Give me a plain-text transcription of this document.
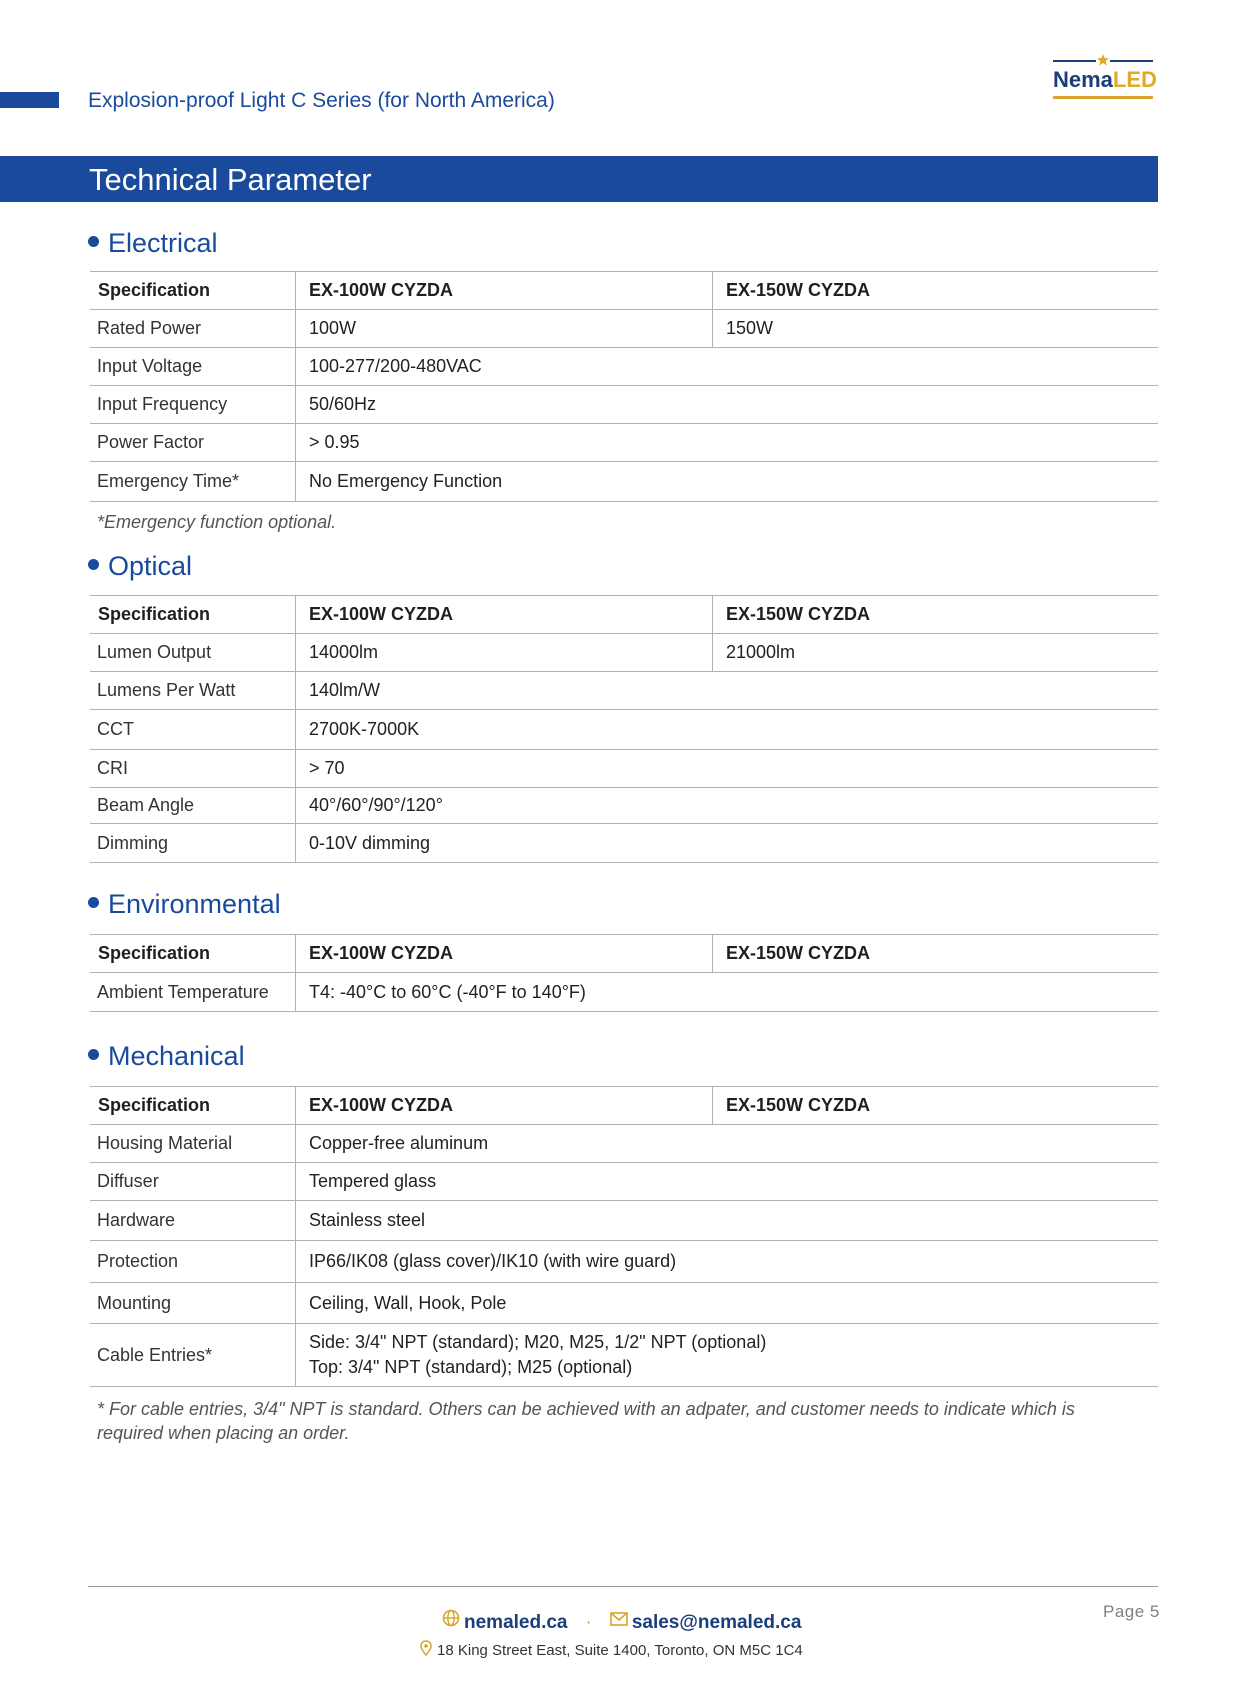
Explosion-proof Light C Series (for North America)
NemaLED
Technical Parameter
Electrical
Specification	EX-100W CYZDA	EX-150W CYZDA
Rated Power	100W	150W
Input Voltage	100-277/200-480VAC	
Input Frequency	50/60Hz	
Power Factor	> 0.95	
Emergency Time*	No Emergency Function	
*Emergency function optional.
Optical
Specification	EX-100W CYZDA	EX-150W CYZDA
Lumen Output	14000lm	21000lm
Lumens Per Watt	140lm/W	
CCT	2700K-7000K	
CRI	> 70	
Beam Angle	40°/60°/90°/120°	
Dimming	0-10V dimming	
Environmental
Specification	EX-100W CYZDA	EX-150W CYZDA
Ambient Temperature	T4: -40°C to 60°C (-40°F to 140°F)	
Mechanical
Specification	EX-100W CYZDA	EX-150W CYZDA
Housing Material	Copper-free aluminum	
Diffuser	Tempered glass	
Hardware	Stainless steel	
Protection	IP66/IK08 (glass cover)/IK10 (with wire guard)	
Mounting	Ceiling, Wall, Hook, Pole	
Cable Entries*	Side: 3/4" NPT (standard); M20, M25, 1/2" NPT (optional)
Top: 3/4" NPT (standard); M25 (optional)	
* For cable entries, 3/4" NPT is standard. Others can be achieved with an adpater, and customer needs to indicate which is
required when placing an order.
Page 5
nemaled.ca · sales@nemaled.ca
18 King Street East, Suite 1400, Toronto, ON M5C 1C4
